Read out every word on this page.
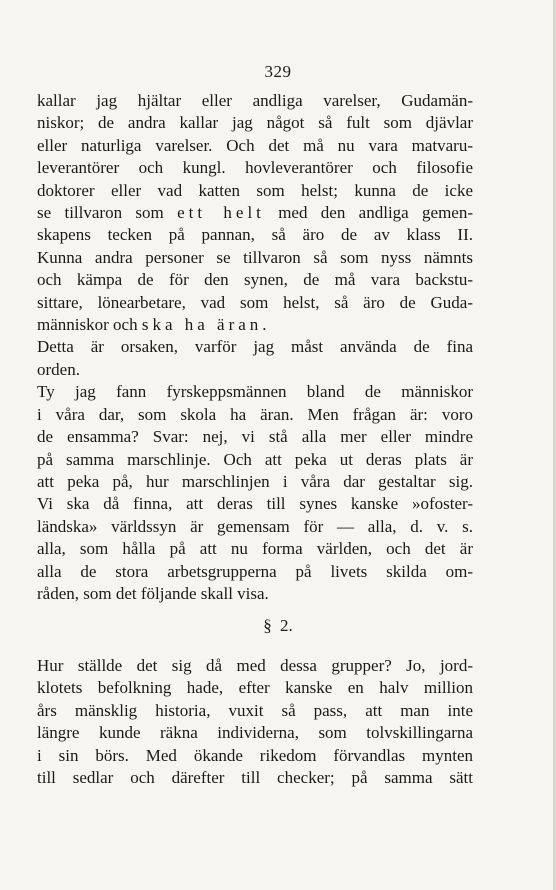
329
kallar jag hjältar eller andliga varelser, Gudamän-
niskor; de andra kallar jag något så fult som djävlar
eller naturliga varelser. Och det må nu vara matvaru-
leverantörer och kungl. hovleverantörer och filosofie
doktorer eller vad katten som helst; kunna de icke
se tillvaron som ett helt med den andliga gemen-
skapens tecken på pannan, så äro de av klass II.
Kunna andra personer se tillvaron så som nyss nämnts
och kämpa de för den synen, de må vara backstu-
sittare, lönearbetare, vad som helst, så äro de Guda-
människor och ska ha äran.
Detta är orsaken, varför jag måst använda de fina
orden.
Ty jag fann fyrskeppsmännen bland de människor
i våra dar, som skola ha äran. Men frågan är: voro
de ensamma? Svar: nej, vi stå alla mer eller mindre
på samma marschlinje. Och att peka ut deras plats är
att peka på, hur marschlinjen i våra dar gestaltar sig.
Vi ska då finna, att deras till synes kanske »ofoster-
ländska» världssyn är gemensam för — alla, d. v. s.
alla, som hålla på att nu forma världen, och det är
alla de stora arbetsgrupperna på livets skilda om-
råden, som det följande skall visa.
§ 2.
Hur ställde det sig då med dessa grupper? Jo, jord-
klotets befolkning hade, efter kanske en halv million
års mänsklig historia, vuxit så pass, att man inte
längre kunde räkna individerna, som tolvskillingarna
i sin börs. Med ökande rikedom förvandlas mynten
till sedlar och därefter till checker; på samma sätt
